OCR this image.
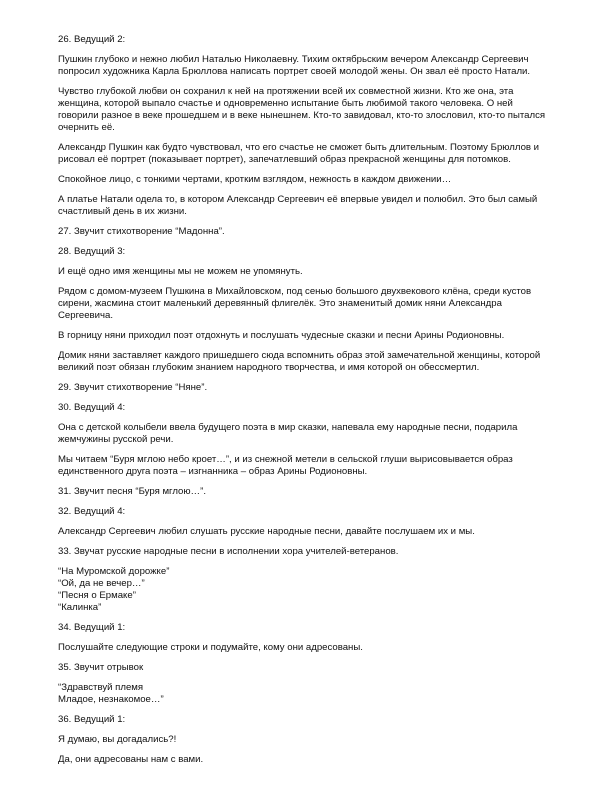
26. Ведущий 2:

Пушкин глубоко и нежно любил Наталью Николаевну. Тихим октябрьским вечером Александр Сергеевич попросил художника Карла Брюллова написать портрет своей молодой жены. Он звал её просто Натали.

Чувство глубокой любви он сохранил к ней на протяжении всей их совместной жизни. Кто же она, эта женщина, которой выпало счастье и одновременно испытание быть любимой такого человека. О ней говорили разное в веке прошедшем и в веке нынешнем. Кто-то завидовал, кто-то злословил, кто-то пытался очернить её.

Александр Пушкин как будто чувствовал, что его счастье не сможет быть длительным. Поэтому Брюллов и рисовал её портрет (показывает портрет), запечатлевший образ прекрасной женщины для потомков.

Спокойное лицо, с тонкими чертами, кротким взглядом, нежность в каждом движении…

А платье Натали одела то, в котором Александр Сергеевич её впервые увидел и полюбил. Это был самый счастливый день в их жизни.

27. Звучит стихотворение “Мадонна”.

28. Ведущий 3:

И ещё одно имя женщины мы не можем не упомянуть.

Рядом с домом-музеем Пушкина в Михайловском, под сенью большого двухвекового клёна, среди кустов сирени, жасмина стоит маленький деревянный флигелёк. Это знаменитый домик няни Александра Сергеевича.

В горницу няни приходил поэт отдохнуть и послушать чудесные сказки и песни Арины Родионовны.

Домик няни заставляет каждого пришедшего сюда вспомнить образ этой замечательной женщины, которой великий поэт обязан глубоким знанием народного творчества, и имя которой он обессмертил.

29. Звучит стихотворение “Няне”.

30. Ведущий 4:

Она с детской колыбели ввела будущего поэта в мир сказки, напевала ему народные песни, подарила жемчужины русской речи.

Мы читаем “Буря мглою небо кроет…”, и из снежной метели в сельской глуши вырисовывается образ единственного друга поэта – изгнанника – образ Арины Родионовны.

31. Звучит песня “Буря мглою…”.

32. Ведущий 4:

Александр Сергеевич любил слушать русские народные песни, давайте послушаем их и мы.

33. Звучат русские народные песни в исполнении хора учителей-ветеранов.

“На Муромской дорожке”
“Ой, да не вечер…”
“Песня о Ермаке”
“Калинка”

34. Ведущий 1:

Послушайте следующие строки и подумайте, кому они адресованы.

35. Звучит отрывок

“Здравствуй племя
Младое, незнакомое…”

36. Ведущий 1:

Я думаю, вы догадались?!

Да, они адресованы нам с вами.
